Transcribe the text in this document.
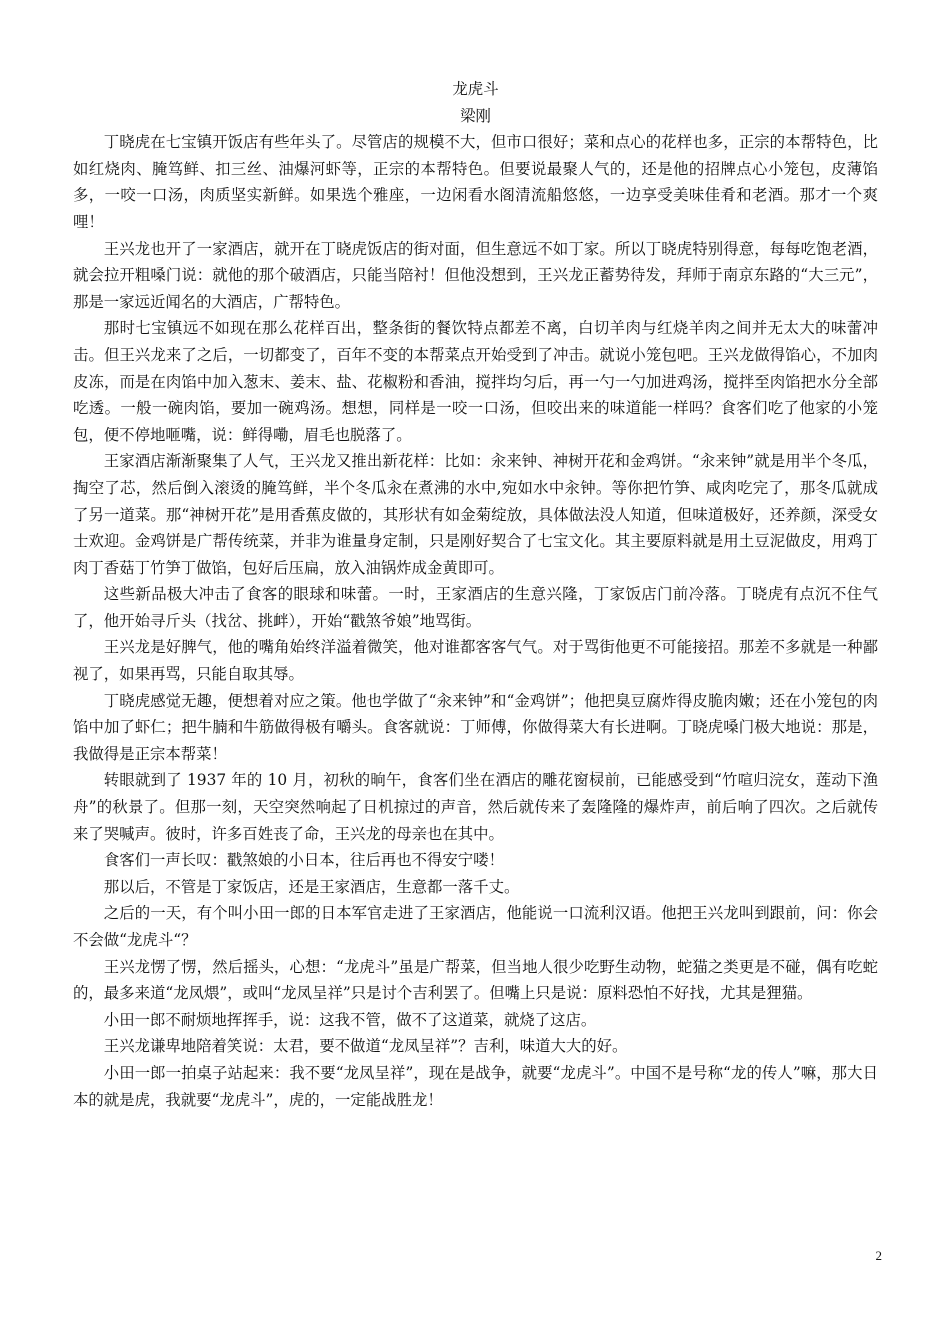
龙虎斗

梁刚

丁晓虎在七宝镇开饭店有些年头了。尽管店的规模不大，但市口很好；菜和点心的花样也多，正宗的本帮特色，比如红烧肉、腌笃鲜、扣三丝、油爆河虾等，正宗的本帮特色。但要说最聚人气的，还是他的招牌点心小笼包，皮薄馅多，一咬一口汤，肉质坚实新鲜。如果选个雅座，一边闲看水阁清流船悠悠，一边享受美味佳肴和老酒。那才一个爽哩！

王兴龙也开了一家酒店，就开在丁晓虎饭店的街对面，但生意远不如丁家。所以丁晓虎特别得意，每每吃饱老酒，就会拉开粗嗓门说：就他的那个破酒店，只能当陪衬！但他没想到，王兴龙正蓄势待发，拜师于南京东路的“大三元”，那是一家远近闻名的大酒店，广帮特色。

那时七宝镇远不如现在那么花样百出，整条街的餐饮特点都差不离，白切羊肉与红烧羊肉之间并无太大的味蕾冲击。但王兴龙来了之后，一切都变了，百年不变的本帮菜点开始受到了冲击。就说小笼包吧。王兴龙做得馅心，不加肉皮冻，而是在肉馅中加入葱末、姜末、盐、花椒粉和香油，搅拌均匀后，再一勺一勺加进鸡汤，搅拌至肉馅把水分全部吃透。一般一碗肉馅，要加一碗鸡汤。想想，同样是一咬一口汤，但咬出来的味道能一样吗？食客们吃了他家的小笼包，便不停地咂嘴，说：鲜得嘞，眉毛也脱落了。

王家酒店渐渐聚集了人气，王兴龙又推出新花样：比如：汆来钟、神树开花和金鸡饼。“汆来钟”就是用半个冬瓜，掏空了芯，然后倒入滚烫的腌笃鲜，半个冬瓜汆在煮沸的水中,宛如水中汆钟。等你把竹笋、咸肉吃完了，那冬瓜就成了另一道菜。那“神树开花”是用香蕉皮做的，其形状有如金菊绽放，具体做法没人知道，但味道极好，还养颜，深受女士欢迎。金鸡饼是广帮传统菜，并非为谁量身定制，只是刚好契合了七宝文化。其主要原料就是用土豆泥做皮，用鸡丁肉丁香菇丁竹笋丁做馅，包好后压扁，放入油锅炸成金黄即可。

这些新品极大冲击了食客的眼球和味蕾。一时，王家酒店的生意兴隆，丁家饭店门前冷落。丁晓虎有点沉不住气了，他开始寻斤头（找岔、挑衅），开始“戳煞爷娘”地骂街。

王兴龙是好脾气，他的嘴角始终洋溢着微笑，他对谁都客客气气。对于骂街他更不可能接招。那差不多就是一种鄙视了，如果再骂，只能自取其辱。

丁晓虎感觉无趣，便想着对应之策。他也学做了“汆来钟”和“金鸡饼”；他把臭豆腐炸得皮脆肉嫩；还在小笼包的肉馅中加了虾仁；把牛腩和牛筋做得极有嚼头。食客就说：丁师傅，你做得菜大有长进啊。丁晓虎嗓门极大地说：那是，我做得是正宗本帮菜！

转眼就到了 1937 年的 10 月，初秋的晌午，食客们坐在酒店的雕花窗棂前，已能感受到“竹喧归浣女，莲动下渔舟”的秋景了。但那一刻，天空突然响起了日机掠过的声音，然后就传来了轰隆隆的爆炸声，前后响了四次。之后就传来了哭喊声。彼时，许多百姓丧了命，王兴龙的母亲也在其中。

食客们一声长叹：戳煞娘的小日本，往后再也不得安宁喽！

那以后，不管是丁家饭店，还是王家酒店，生意都一落千丈。

之后的一天，有个叫小田一郎的日本军官走进了王家酒店，他能说一口流利汉语。他把王兴龙叫到跟前，问：你会不会做“龙虎斗“？

王兴龙愣了愣，然后摇头，心想：“龙虎斗”虽是广帮菜，但当地人很少吃野生动物，蛇猫之类更是不碰，偶有吃蛇的，最多来道“龙凤煨”，或叫“龙凤呈祥”只是讨个吉利罢了。但嘴上只是说：原料恐怕不好找，尤其是狸猫。

小田一郎不耐烦地挥挥手，说：这我不管，做不了这道菜，就烧了这店。

王兴龙谦卑地陪着笑说：太君，要不做道“龙凤呈祥”？吉利，味道大大的好。

小田一郎一拍桌子站起来：我不要“龙凤呈祥”，现在是战争，就要“龙虎斗”。中国不是号称“龙的传人”嘛，那大日本的就是虎，我就要“龙虎斗”，虎的，一定能战胜龙！

2
